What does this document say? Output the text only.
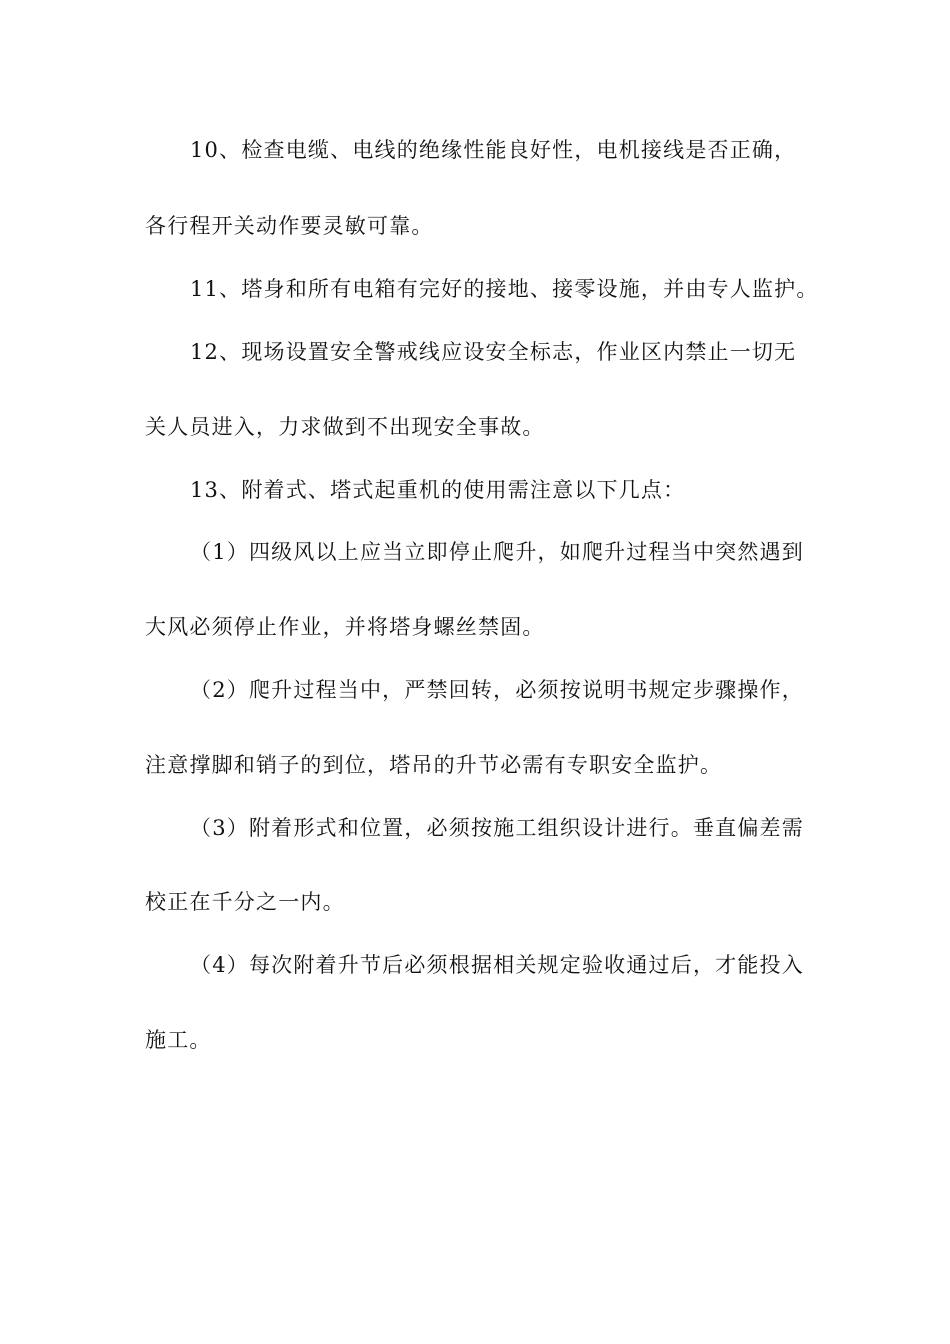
10、检查电缆、电线的绝缘性能良好性，电机接线是否正确，
各行程开关动作要灵敏可靠。
11、塔身和所有电箱有完好的接地、接零设施，并由专人监护。
12、现场设置安全警戒线应设安全标志，作业区内禁止一切无
关人员进入，力求做到不出现安全事故。
13、附着式、塔式起重机的使用需注意以下几点：
（1）四级风以上应当立即停止爬升，如爬升过程当中突然遇到
大风必须停止作业，并将塔身螺丝禁固。
（2）爬升过程当中，严禁回转，必须按说明书规定步骤操作，
注意撑脚和销子的到位，塔吊的升节必需有专职安全监护。
（3）附着形式和位置，必须按施工组织设计进行。垂直偏差需
校正在千分之一内。
（4）每次附着升节后必须根据相关规定验收通过后，才能投入
施工。
